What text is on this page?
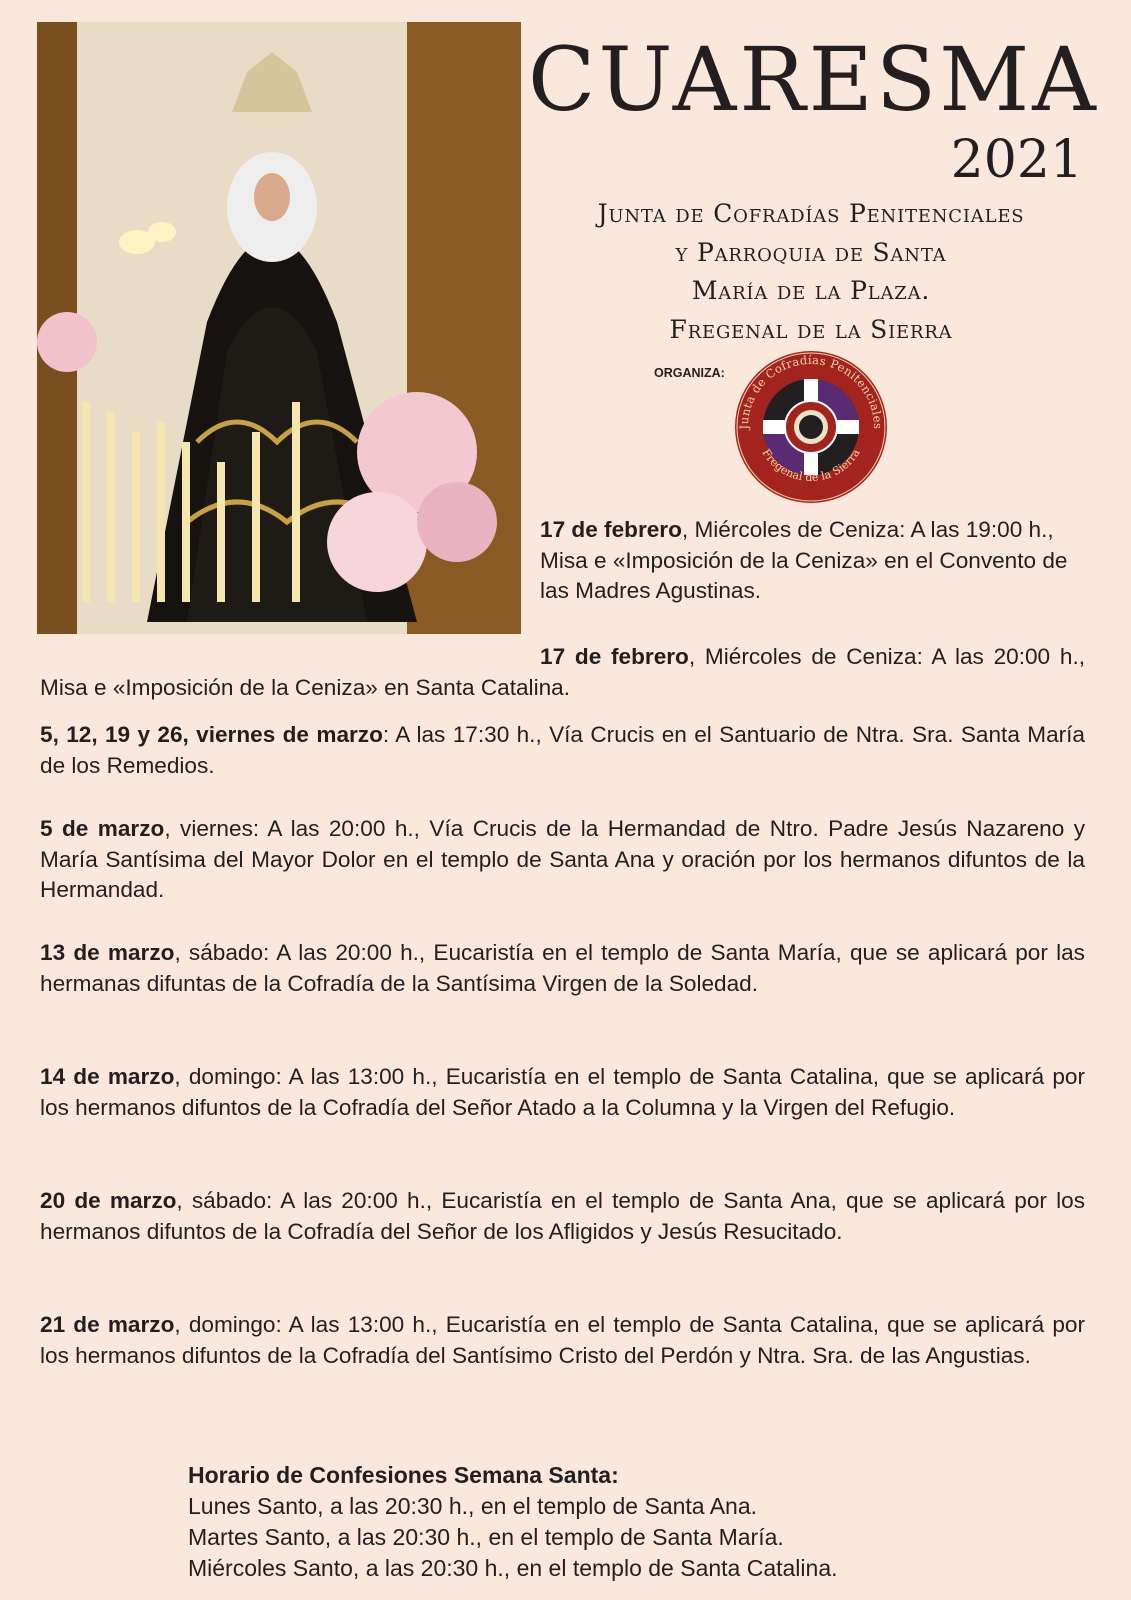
CUARESMA
2021
Junta de Cofradías Penitenciales
y Parroquia de Santa
María de la Plaza.
Fregenal de la Sierra
ORGANIZA:
Junta de Cofradías Penitenciales
Fregenal de la Sierra
17 de febrero, Miércoles de Ceniza: A las 19:00 h., Misa e «Imposición de la Ceniza» en el Convento de las Madres Agustinas.
17 de febrero, Miércoles de Ceniza: A las 20:00 h., Misa e «Imposición de la Ceniza» en Santa Catalina.
5, 12, 19 y 26, viernes de marzo: A las 17:30 h., Vía Crucis en el Santuario de Ntra. Sra. Santa María de los Remedios.
5 de marzo, viernes: A las 20:00 h., Vía Crucis de la Hermandad de Ntro. Padre Jesús Nazareno y María Santísima del Mayor Dolor en el templo de Santa Ana y oración por los hermanos difuntos de la Hermandad.
13 de marzo, sábado: A las 20:00 h., Eucaristía en el templo de Santa María, que se aplicará por las hermanas difuntas de la Cofradía de la Santísima Virgen de la Soledad.
14 de marzo, domingo: A las 13:00 h., Eucaristía en el templo de Santa Catalina, que se aplicará por los hermanos difuntos de la Cofradía del Señor Atado a la Columna y la Virgen del Refugio.
20 de marzo, sábado: A las 20:00 h., Eucaristía en el templo de Santa Ana, que se aplicará por los hermanos difuntos de la Cofradía del Señor de los Afligidos y Jesús Resucitado.
21 de marzo, domingo: A las 13:00 h., Eucaristía en el templo de Santa Catalina, que se aplicará por los hermanos difuntos de la Cofradía del Santísimo Cristo del Perdón y Ntra. Sra. de las Angustias.
Horario de Confesiones Semana Santa:
Lunes Santo, a las 20:30 h., en el templo de Santa Ana.
Martes Santo, a las 20:30 h., en el templo de Santa María.
Miércoles Santo, a las 20:30 h., en el templo de Santa Catalina.
